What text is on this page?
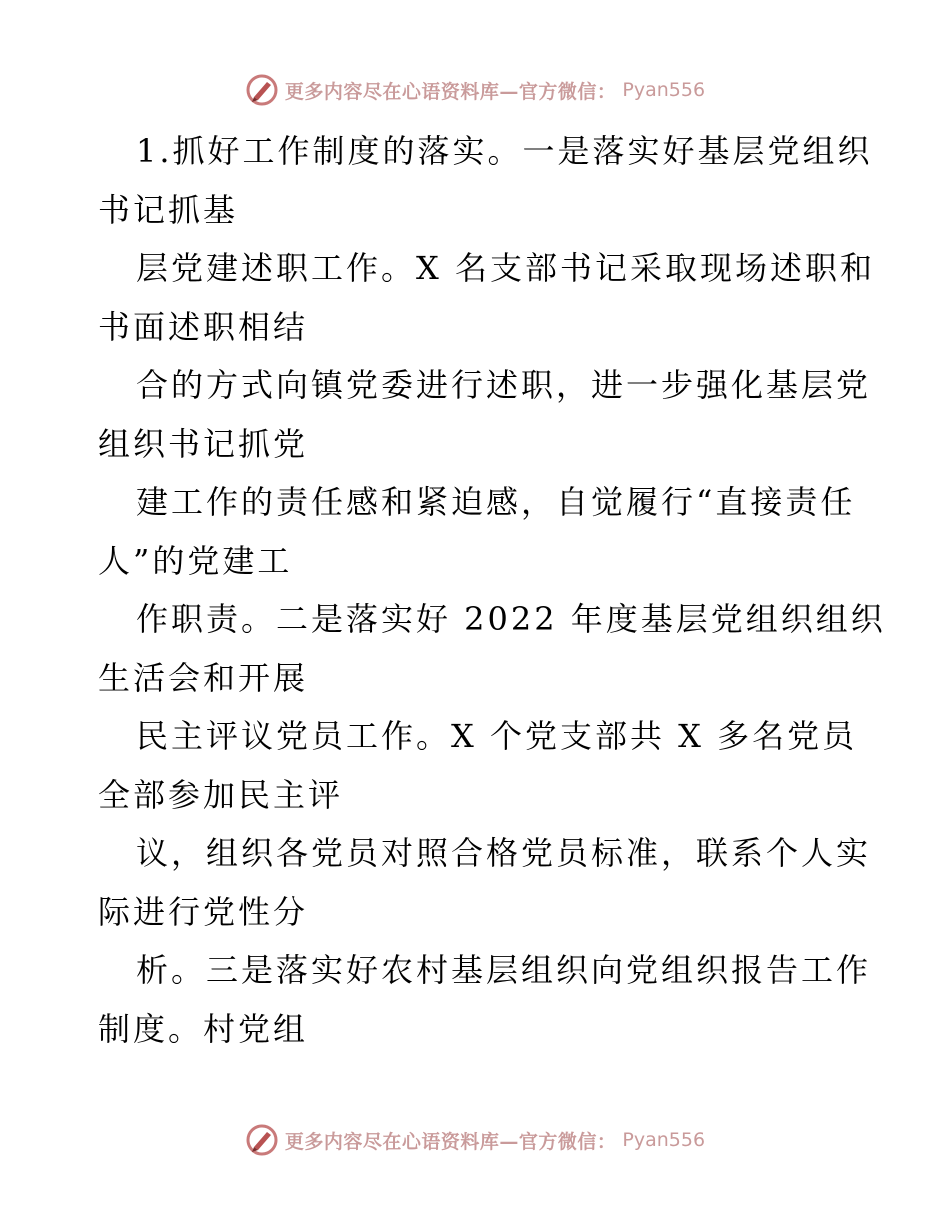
更多内容尽在心语资料库—官方微信： Pyan556
1.抓好工作制度的落实。一是落实好基层党组织
书记抓基
层党建述职工作。X 名支部书记采取现场述职和
书面述职相结
合的方式向镇党委进行述职，进一步强化基层党
组织书记抓党
建工作的责任感和紧迫感，自觉履行“直接责任
人”的党建工
作职责。二是落实好 2022 年度基层党组织组织
生活会和开展
民主评议党员工作。X 个党支部共 X 多名党员
全部参加民主评
议，组织各党员对照合格党员标准，联系个人实
际进行党性分
析。三是落实好农村基层组织向党组织报告工作
制度。村党组
更多内容尽在心语资料库—官方微信： Pyan556
